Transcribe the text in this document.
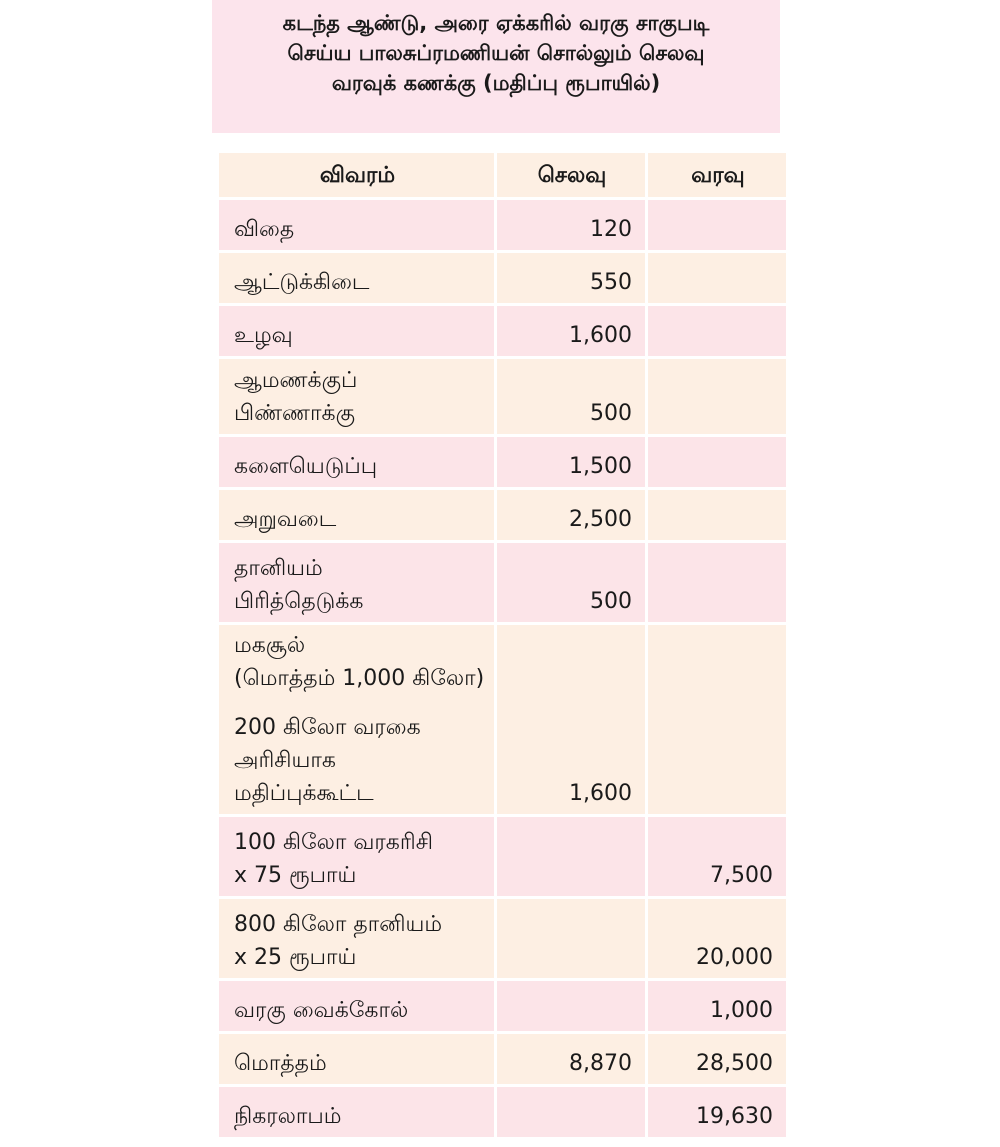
கடந்த ஆண்டு, அரை ஏக்கரில் வரகு சாகுபடி
செய்ய பாலசுப்ரமணியன் சொல்லும் செலவு
வரவுக் கணக்கு (மதிப்பு ரூபாயில்)
விவரம்	செலவு	வரவு

விதை	120	

ஆட்டுக்கிடை	550	

உழவு	1,600	

ஆமணக்குப்
பிண்ணாக்கு	500	

களையெடுப்பு	1,500	

அறுவடை	2,500	

தானியம்
பிரித்தெடுக்க	500	

மகசூல்
(மொத்தம் 1,000 கிலோ)
200 கிலோ வரகை
அரிசியாக
மதிப்புக்கூட்ட	1,600	

100 கிலோ வரகரிசி
x 75 ரூபாய்		7,500

800 கிலோ தானியம்
x 25 ரூபாய்		20,000

வரகு வைக்கோல்		1,000

மொத்தம்	8,870	28,500

நிகரலாபம்		19,630
